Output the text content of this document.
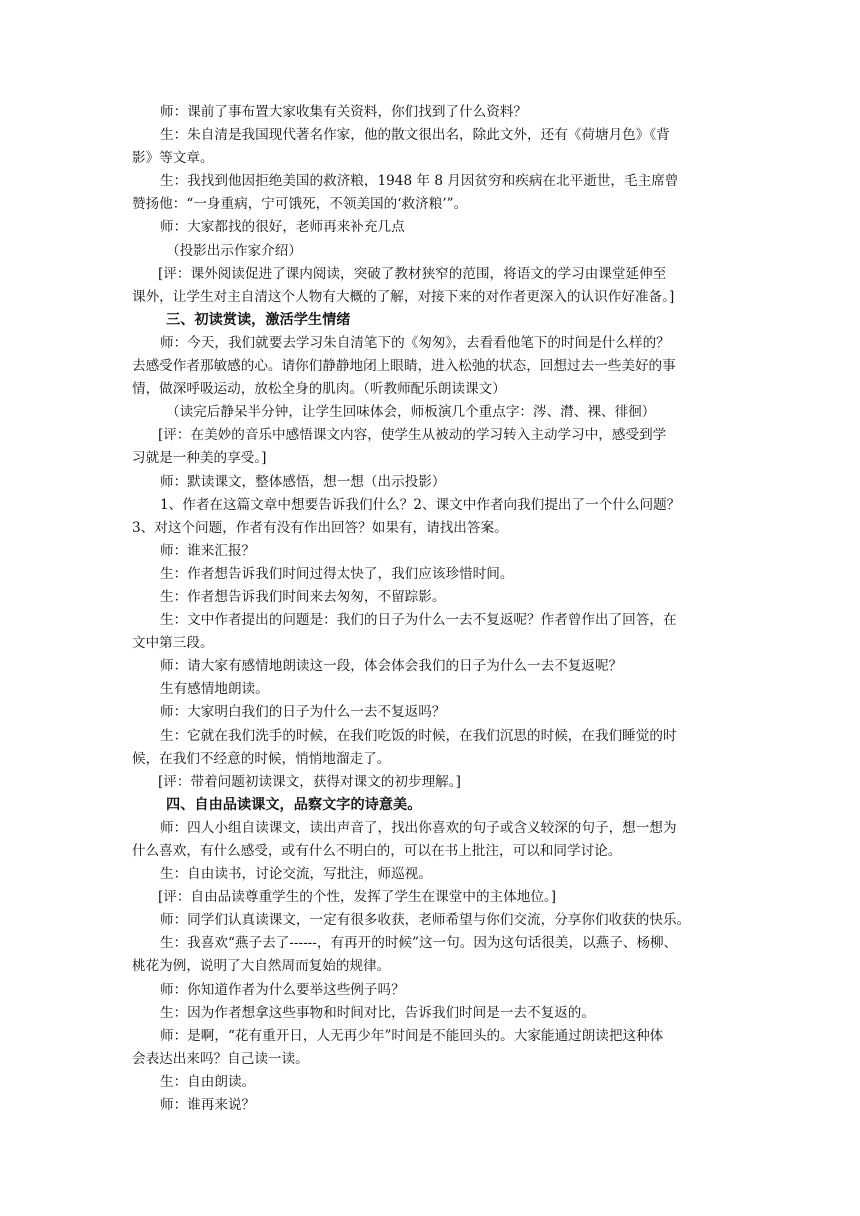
师：课前了事布置大家收集有关资料，你们找到了什么资料？
生：朱自清是我国现代著名作家，他的散文很出名，除此文外，还有《荷塘月色》《背
影》等文章。
生：我找到他因拒绝美国的救济粮，1948 年 8 月因贫穷和疾病在北平逝世，毛主席曾
赞扬他：“一身重病，宁可饿死，不领美国的‘救济粮’”。
师：大家都找的很好，老师再来补充几点
（投影出示作家介绍）
[评：课外阅读促进了课内阅读，突破了教材狭窄的范围，将语文的学习由课堂延伸至
课外，让学生对主自清这个人物有大概的了解，对接下来的对作者更深入的认识作好准备。]
三、初读赏读，激活学生情绪
师：今天，我们就要去学习朱自清笔下的《匆匆》，去看看他笔下的时间是什么样的？
去感受作者那敏感的心。请你们静静地闭上眼睛，进入松弛的状态，回想过去一些美好的事
情，做深呼吸运动，放松全身的肌肉。（听教师配乐朗读课文）
（读完后静呆半分钟，让学生回味体会，师板演几个重点字：涔、潸、裸、徘徊）
[评：在美妙的音乐中感悟课文内容，使学生从被动的学习转入主动学习中，感受到学
习就是一种美的享受。]
师：默读课文，整体感悟，想一想（出示投影）
1、作者在这篇文章中想要告诉我们什么？2、课文中作者向我们提出了一个什么问题？
3、对这个问题，作者有没有作出回答？如果有，请找出答案。
师：谁来汇报？
生：作者想告诉我们时间过得太快了，我们应该珍惜时间。
生：作者想告诉我们时间来去匆匆，不留踪影。
生：文中作者提出的问题是：我们的日子为什么一去不复返呢？作者曾作出了回答，在
文中第三段。
师：请大家有感情地朗读这一段，体会体会我们的日子为什么一去不复返呢？
生有感情地朗读。
师：大家明白我们的日子为什么一去不复返吗？
生：它就在我们洗手的时候，在我们吃饭的时候，在我们沉思的时候，在我们睡觉的时
候，在我们不经意的时候，悄悄地溜走了。
[评：带着问题初读课文，获得对课文的初步理解。]
四、自由品读课文，品察文字的诗意美。
师：四人小组自读课文，读出声音了，找出你喜欢的句子或含义较深的句子，想一想为
什么喜欢，有什么感受，或有什么不明白的，可以在书上批注，可以和同学讨论。
生：自由读书，讨论交流，写批注，师巡视。
[评：自由品读尊重学生的个性，发挥了学生在课堂中的主体地位。]
师：同学们认真读课文，一定有很多收获，老师希望与你们交流，分享你们收获的快乐。
生：我喜欢“燕子去了------，有再开的时候”这一句。因为这句话很美，以燕子、杨柳、
桃花为例，说明了大自然周而复始的规律。
师：你知道作者为什么要举这些例子吗？
生：因为作者想拿这些事物和时间对比，告诉我们时间是一去不复返的。
师：是啊，“花有重开日，人无再少年”时间是不能回头的。大家能通过朗读把这种体
会表达出来吗？自己读一读。
生：自由朗读。
师：谁再来说？
